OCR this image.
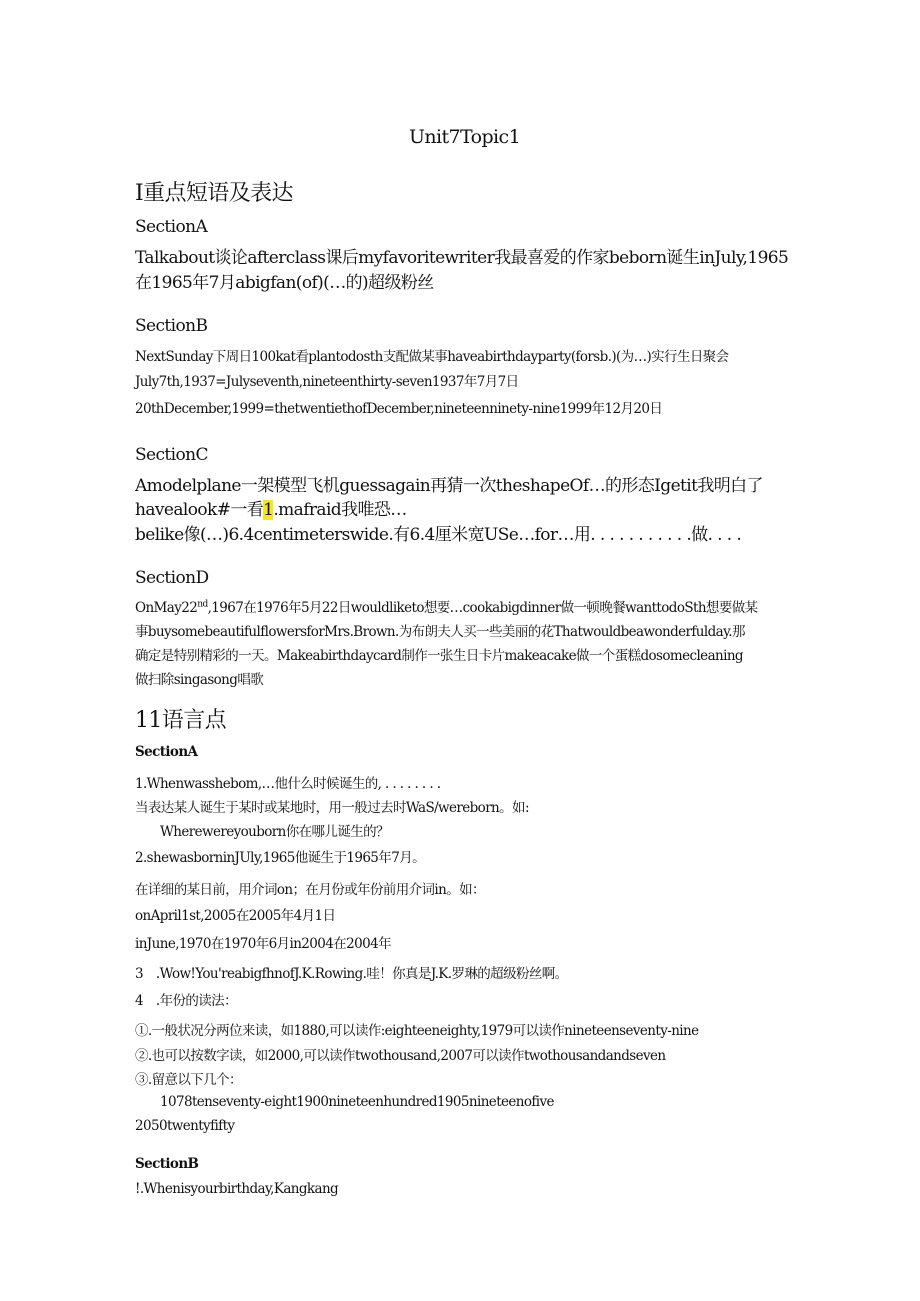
Unit7Topic1
I重点短语及表达
SectionA
Talkabout谈论afterclass课后myfavoritewriter我最喜爱的作家beborn诞生inJuly,1965
在1965年7月abigfan(of)(…的)超级粉丝
SectionB
NextSunday下周日100kat看plantodosth支配做某事haveabirthdayparty(forsb.)(为…)实行生日聚会
July7th,1937=Julyseventh,nineteenthirty-seven1937年7月7日
20thDecember,1999=thetwentiethofDecember,nineteenninety-nine1999年12月20日
SectionC
Amodelplane一架模型飞机guessagain再猜一次theshapeOf…的形态Igetit我明白了
havealook#一看1.mafraid我唯恐…
belike像(…)6.4centimeterswide.有6.4厘米宽USe…for…用. . . . . . . . . . .做. . . .
SectionD
OnMay22nd,1967在1976年5月22日wouldliketo想要…cookabigdinner做一顿晚餐wanttodoSth想要做某
事buysomebeautifulflowersforMrs.Brown.为布朗夫人买一些美丽的花Thatwouldbeawonderfulday.那
确定是特别精彩的一天。Makeabirthdaycard制作一张生日卡片makeacake做一个蛋糕dosomecleaning
做扫除singasong唱歌
11语言点
SectionA
1.Whenwasshebom,…他什么时候诞生的, . . . . . . . .
当表达某人诞生于某时或某地时，用一般过去时WaS/wereborn。如:
Wherewereyouborn你在哪儿诞生的？
2.shewasborninJUly,1965他诞生于1965年7月。
在详细的某日前，用介词on；在月份或年份前用介词in。如：
onApril1st,2005在2005年4月1日
inJune,1970在1970年6月in2004在2004年
3　.Wow!You'reabigfhnofJ.K.Rowing.哇！你真是J.K.罗琳的超级粉丝啊。
4　.年份的读法：
①.一般状况分两位来读，如1880,可以读作:eighteeneighty,1979可以读作nineteenseventy-nine
②.也可以按数字读，如2000,可以读作twothousand,2007可以读作twothousandandseven
③.留意以下几个：
1078tenseventy-eight1900nineteenhundred1905nineteenofive
2050twentyfifty
SectionB
!.Whenisyourbirthday,Kangkang
